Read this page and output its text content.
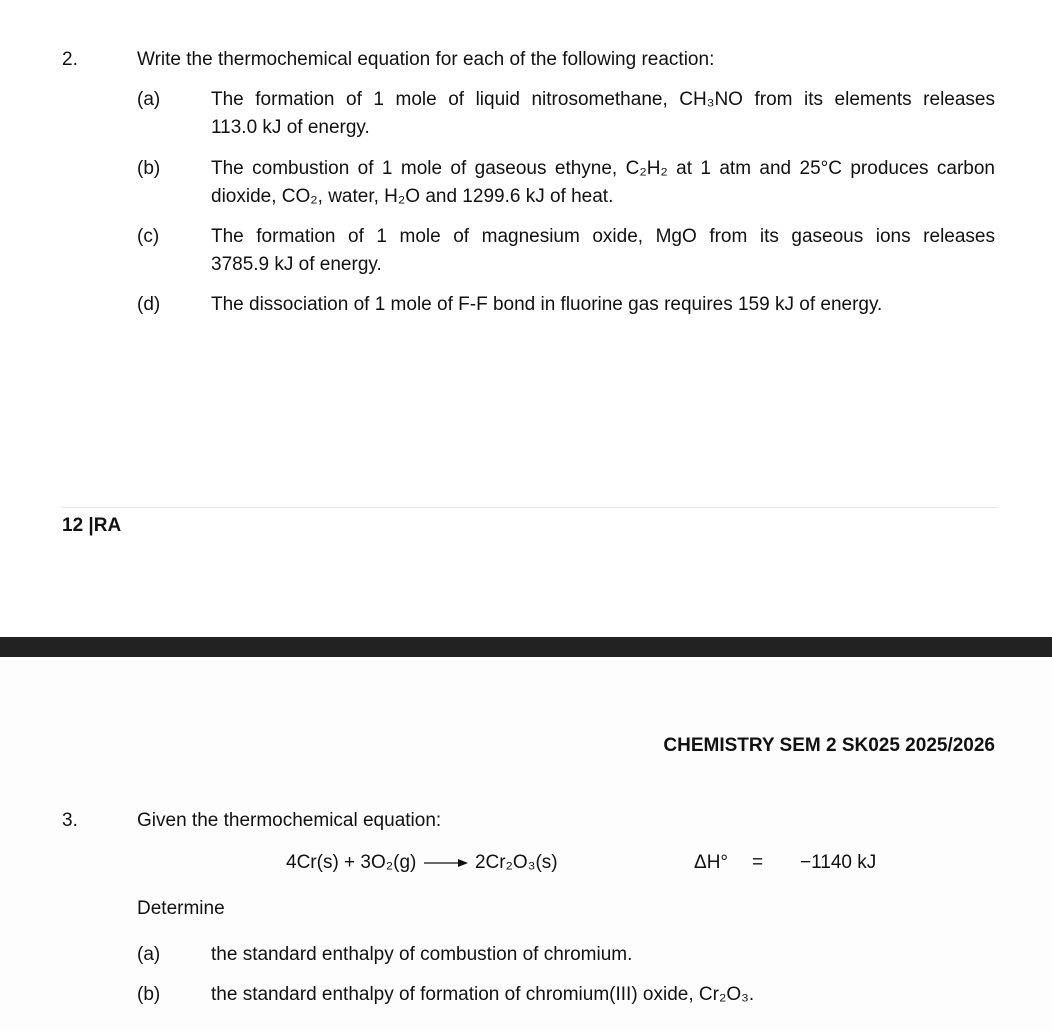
2.	Write the thermochemical equation for each of the following reaction:
(a)	The formation of 1 mole of liquid nitrosomethane, CH₃NO from its elements releases
113.0 kJ of energy.
(b)	The combustion of 1 mole of gaseous ethyne, C₂H₂ at 1 atm and 25°C produces carbon
dioxide, CO₂, water, H₂O and 1299.6 kJ of heat.
(c)	The formation of 1 mole of magnesium oxide, MgO from its gaseous ions releases
3785.9 kJ of energy.
(d)	The dissociation of 1 mole of F-F bond in fluorine gas requires 159 kJ of energy.
12 |RA
CHEMISTRY SEM 2 SK025 2025/2026
3.	Given the thermochemical equation:
4Cr(s) + 3O₂(g) → 2Cr₂O₃(s)	ΔH° = −1140 kJ
Determine
(a)	the standard enthalpy of combustion of chromium.
(b)	the standard enthalpy of formation of chromium(III) oxide, Cr₂O₃.
